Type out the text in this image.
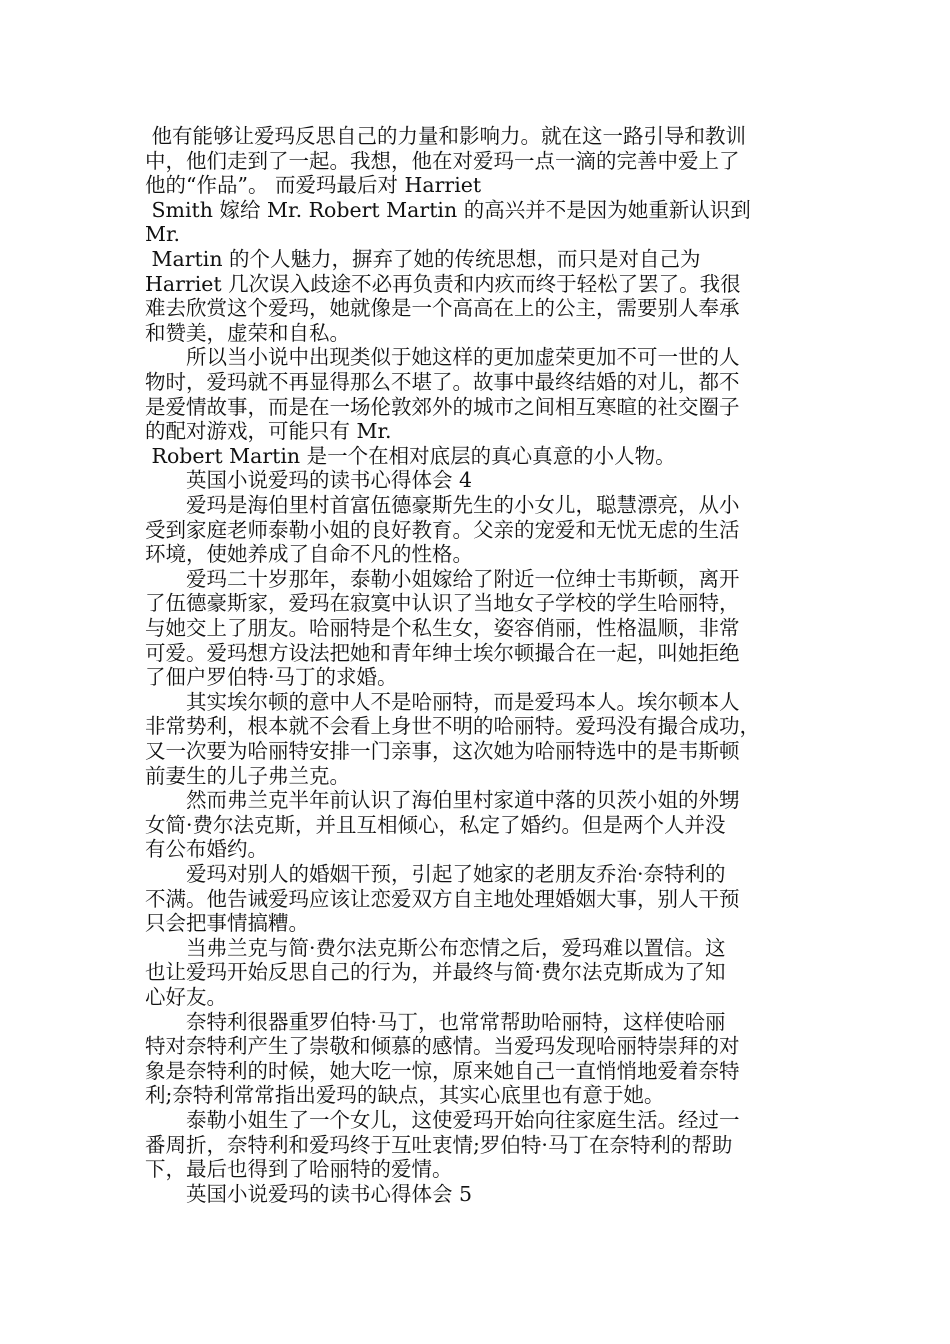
他有能够让爱玛反思自己的力量和影响力。就在这一路引导和教训
中，他们走到了一起。我想，他在对爱玛一点一滴的完善中爱上了
他的“作品”。 而爱玛最后对 Harriet
Smith 嫁给 Mr. Robert Martin 的高兴并不是因为她重新认识到
Mr.
Martin 的个人魅力，摒弃了她的传统思想，而只是对自己为
Harriet 几次误入歧途不必再负责和内疚而终于轻松了罢了。我很
难去欣赏这个爱玛，她就像是一个高高在上的公主，需要别人奉承
和赞美，虚荣和自私。
　　所以当小说中出现类似于她这样的更加虚荣更加不可一世的人
物时，爱玛就不再显得那么不堪了。故事中最终结婚的对儿，都不
是爱情故事，而是在一场伦敦郊外的城市之间相互寒暄的社交圈子
的配对游戏，可能只有 Mr.
Robert Martin 是一个在相对底层的真心真意的小人物。
　　英国小说爱玛的读书心得体会 4
　　爱玛是海伯里村首富伍德豪斯先生的小女儿，聪慧漂亮，从小
受到家庭老师泰勒小姐的良好教育。父亲的宠爱和无忧无虑的生活
环境，使她养成了自命不凡的性格。
　　爱玛二十岁那年，泰勒小姐嫁给了附近一位绅士韦斯顿，离开
了伍德豪斯家，爱玛在寂寞中认识了当地女子学校的学生哈丽特，
与她交上了朋友。哈丽特是个私生女，姿容俏丽，性格温顺，非常
可爱。爱玛想方设法把她和青年绅士埃尔顿撮合在一起，叫她拒绝
了佃户罗伯特·马丁的求婚。
　　其实埃尔顿的意中人不是哈丽特，而是爱玛本人。埃尔顿本人
非常势利，根本就不会看上身世不明的哈丽特。爱玛没有撮合成功，
又一次要为哈丽特安排一门亲事，这次她为哈丽特选中的是韦斯顿
前妻生的儿子弗兰克。
　　然而弗兰克半年前认识了海伯里村家道中落的贝茨小姐的外甥
女简·费尔法克斯，并且互相倾心，私定了婚约。但是两个人并没
有公布婚约。
　　爱玛对别人的婚姻干预，引起了她家的老朋友乔治·奈特利的
不满。他告诫爱玛应该让恋爱双方自主地处理婚姻大事，别人干预
只会把事情搞糟。
　　当弗兰克与简·费尔法克斯公布恋情之后，爱玛难以置信。这
也让爱玛开始反思自己的行为，并最终与简·费尔法克斯成为了知
心好友。
　　奈特利很器重罗伯特·马丁，也常常帮助哈丽特，这样使哈丽
特对奈特利产生了崇敬和倾慕的感情。当爱玛发现哈丽特崇拜的对
象是奈特利的时候，她大吃一惊，原来她自己一直悄悄地爱着奈特
利;奈特利常常指出爱玛的缺点，其实心底里也有意于她。
　　泰勒小姐生了一个女儿，这使爱玛开始向往家庭生活。经过一
番周折，奈特利和爱玛终于互吐衷情;罗伯特·马丁在奈特利的帮助
下，最后也得到了哈丽特的爱情。
　　英国小说爱玛的读书心得体会 5
